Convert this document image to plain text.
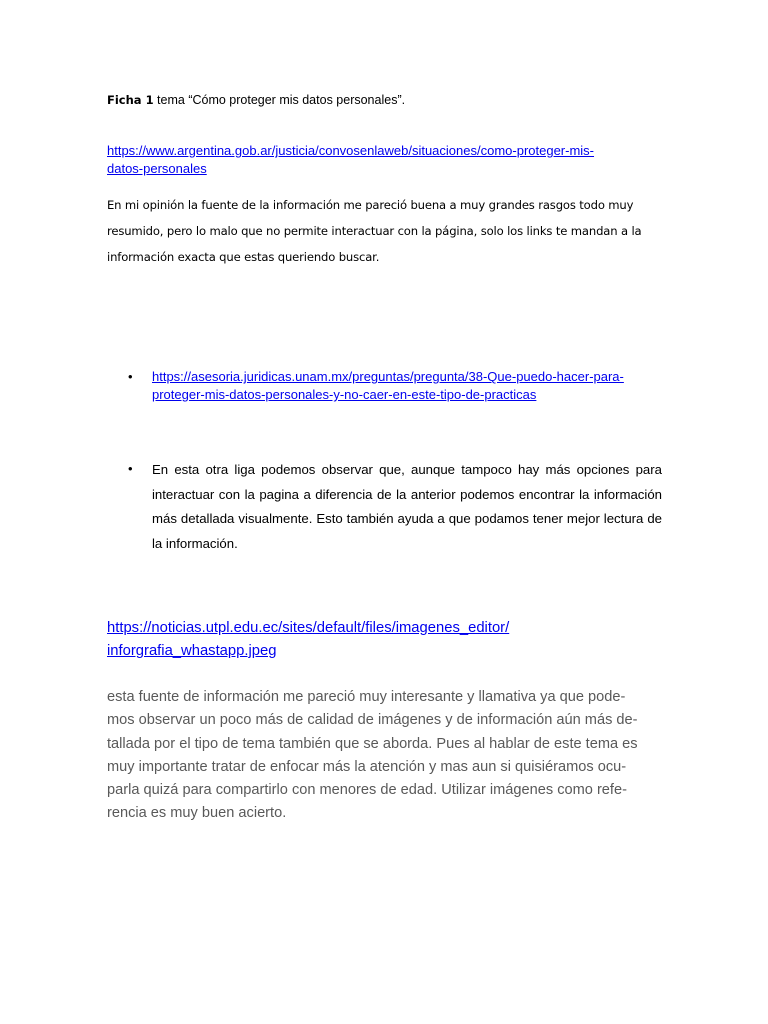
Ficha 1 tema “Cómo proteger mis datos personales”.
https://www.argentina.gob.ar/justicia/convosenlaweb/situaciones/como-proteger-mis-
datos-personales
En mi opinión la fuente de la información me pareció buena a muy grandes rasgos todo muy
resumido, pero lo malo que no permite interactuar con la página, solo los links te mandan a la
información exacta que estas queriendo buscar.
• https://asesoria.juridicas.unam.mx/preguntas/pregunta/38-Que-puedo-hacer-para-
proteger-mis-datos-personales-y-no-caer-en-este-tipo-de-practicas
• En esta otra liga podemos observar que, aunque tampoco hay más opciones para interactuar con la pagina a diferencia de la anterior podemos encontrar la información más detallada visualmente. Esto también ayuda a que podamos tener mejor lectura de la información.
https://noticias.utpl.edu.ec/sites/default/files/imagenes_editor/
inforgrafia_whastapp.jpeg
esta fuente de información me pareció muy interesante y llamativa ya que pode-
mos observar un poco más de calidad de imágenes y de información aún más de-
tallada por el tipo de tema también que se aborda. Pues al hablar de este tema es
muy importante tratar de enfocar más la atención y mas aun si quisiéramos ocu-
parla quizá para compartirlo con menores de edad. Utilizar imágenes como refe-
rencia es muy buen acierto.
